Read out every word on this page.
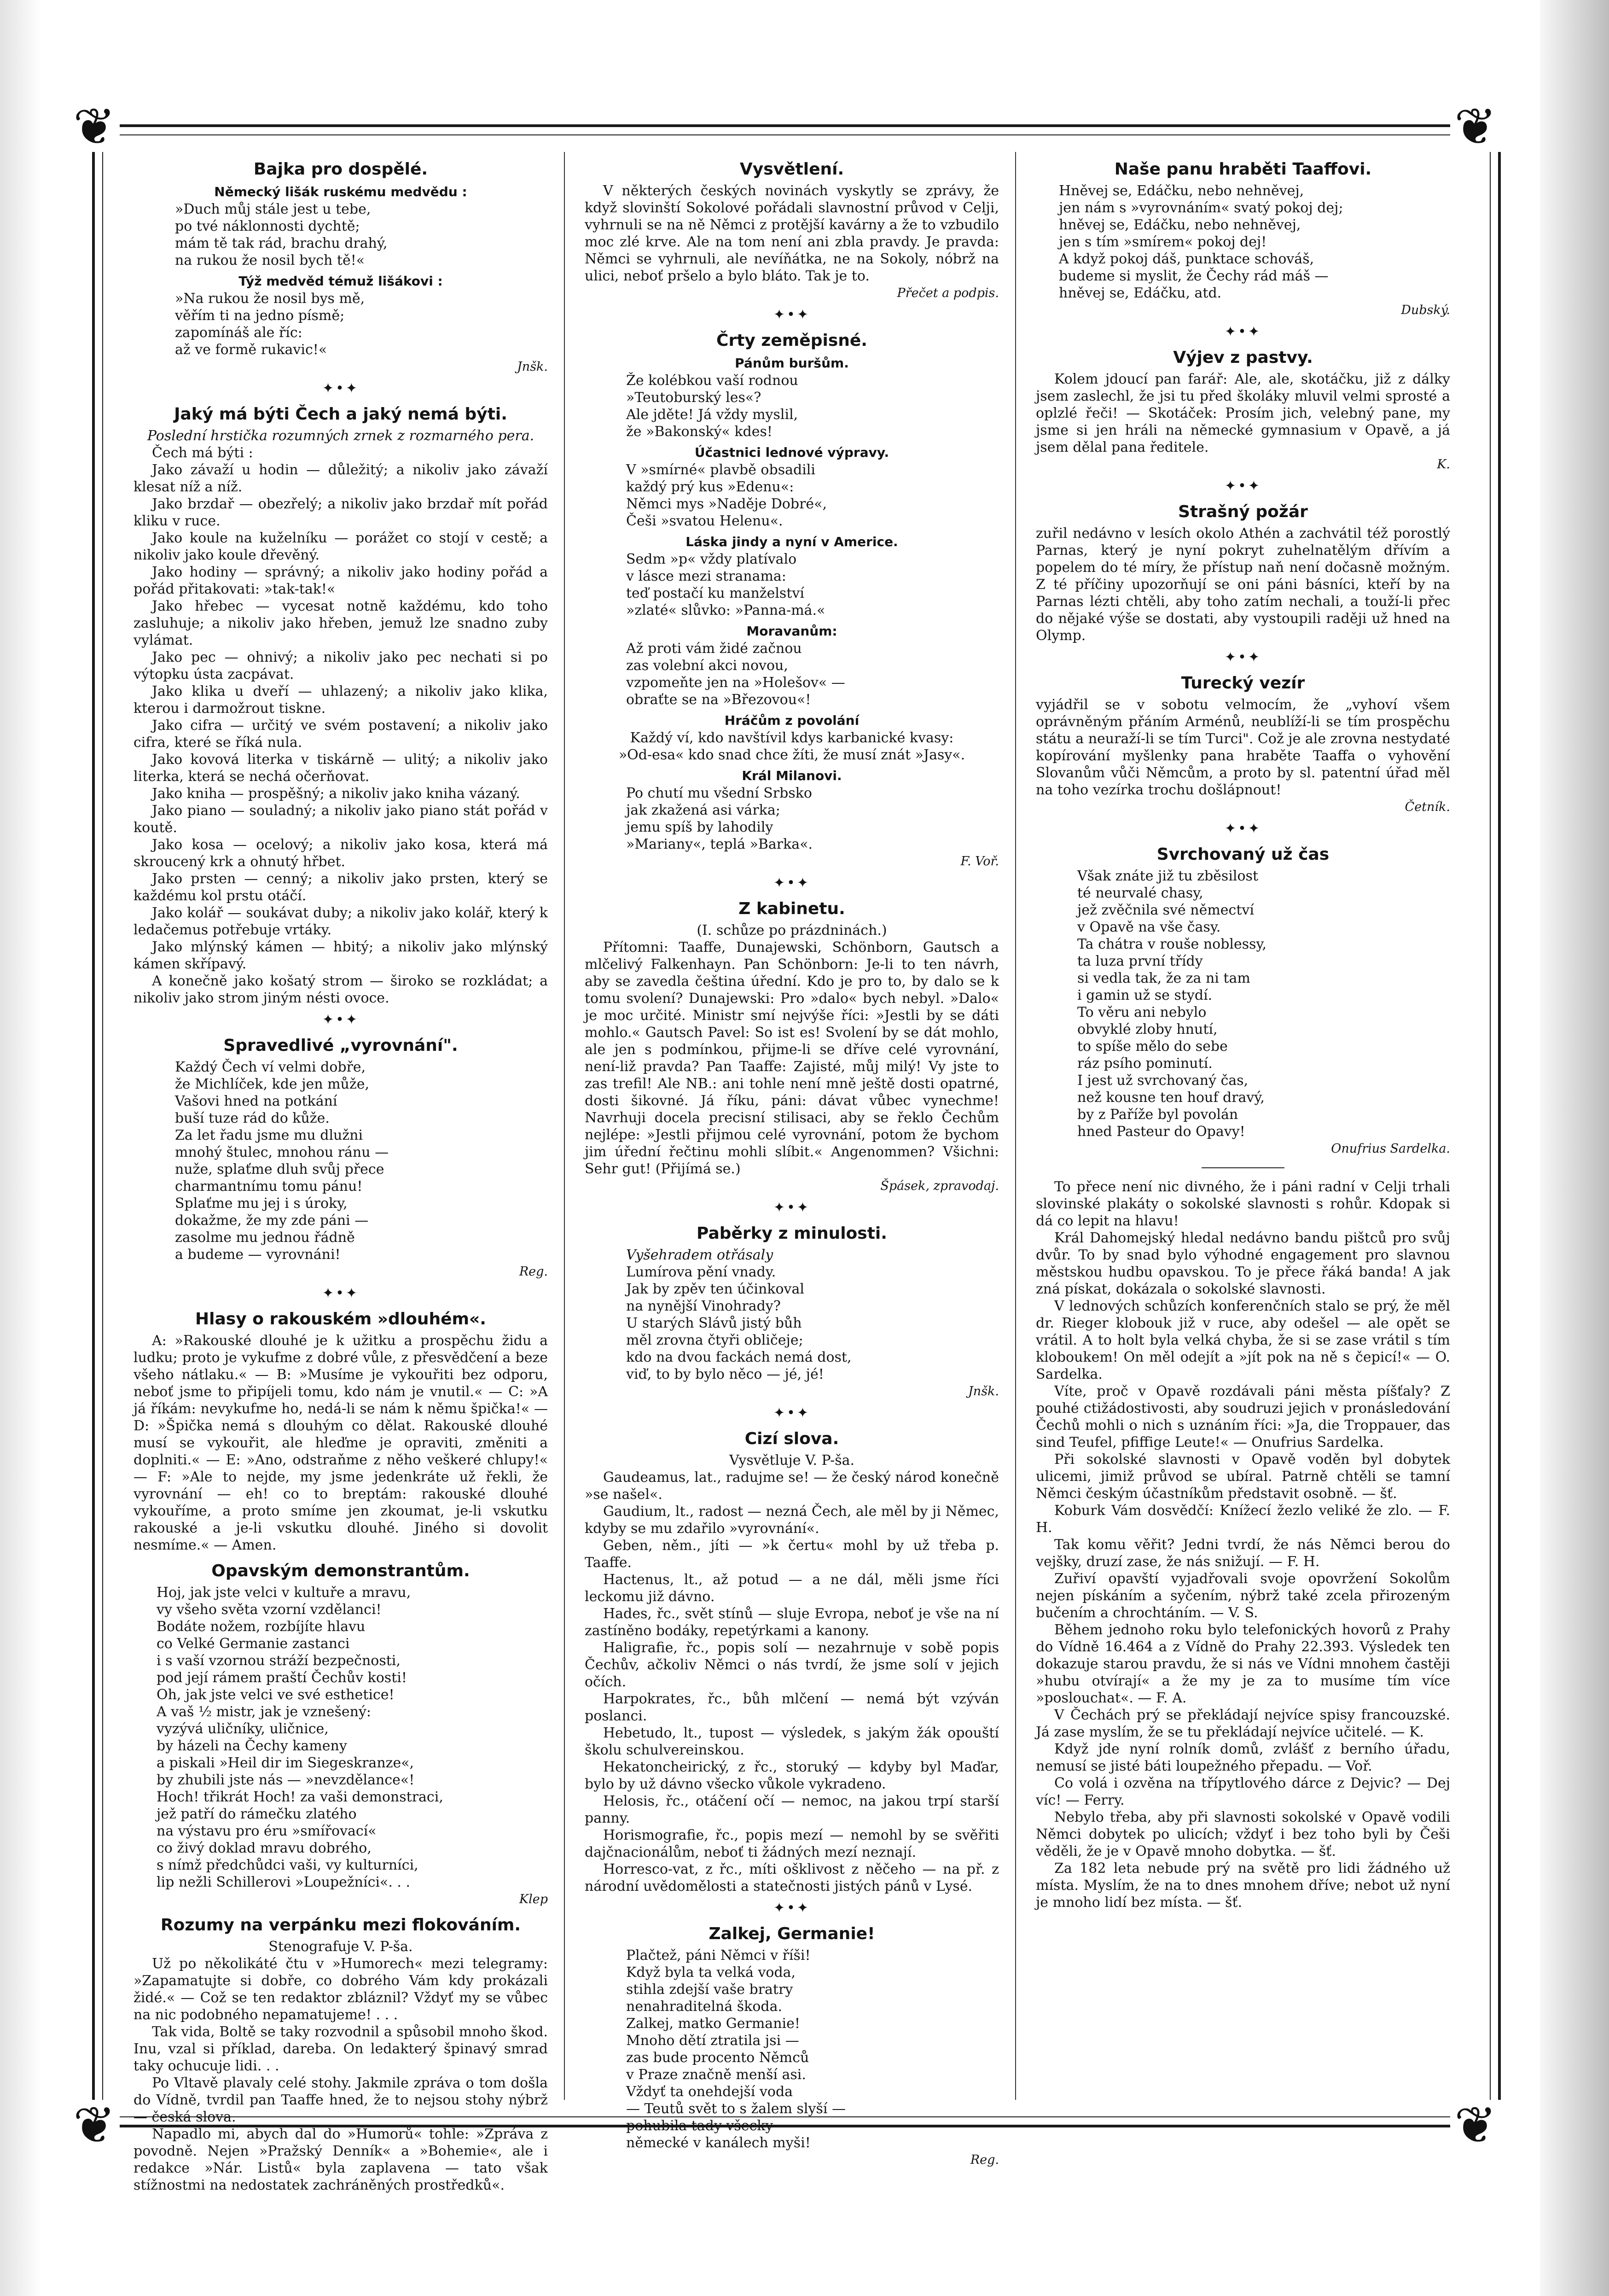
❦	❦
❦	❦
Bajka pro dospělé.
Německý lišák ruskému medvědu :

»Duch můj stále jest u tebe,

po tvé náklonnosti dychtě;

mám tě tak rád, brachu drahý,

na rukou že nosil bych tě!«

Týž medvěd témuž lišákovi :

»Na rukou že nosil bys mě,

věřím ti na jedno písmě;

zapomínáš ale říc:

až ve formě rukavic!«

Jnšk.

✦•✦
Jaký má býti Čech a jaký nemá býti.

Poslední hrstička rozumných zrnek z rozmarného pera.

Čech má býti :

Jako závaží u hodin — důležitý; a nikoliv jako závaží klesat níž a níž.

Jako brzdař — obezřelý; a nikoliv jako brzdař mít pořád kliku v ruce.

Jako koule na kuželníku — porážet co stojí v cestě; a nikoliv jako koule dřevěný.

Jako hodiny — správný; a nikoliv jako hodiny pořád a pořád přitakovati: »tak-tak!«

Jako hřebec — vycesat notně každému, kdo toho zasluhuje; a nikoliv jako hřeben, jemuž lze snadno zuby vylámat.

Jako pec — ohnivý; a nikoliv jako pec nechati si po výtopku ústa zacpávat.

Jako klika u dveří — uhlazený; a nikoliv jako klika, kterou i darmožrout tiskne.

Jako cifra — určitý ve svém postavení; a nikoliv jako cifra, které se říká nula.

Jako kovová literka v tiskárně — ulitý; a nikoliv jako literka, která se nechá očerňovat.

Jako kniha — prospěšný; a nikoliv jako kniha vázaný.

Jako piano — souladný; a nikoliv jako piano stát pořád v koutě.

Jako kosa — ocelový; a nikoliv jako kosa, která má skroucený krk a ohnutý hřbet.

Jako prsten — cenný; a nikoliv jako prsten, který se každému kol prstu otáčí.

Jako kolář — soukávat duby; a nikoliv jako kolář, který k ledačemus potřebuje vrtáky.

Jako mlýnský kámen — hbitý; a nikoliv jako mlýnský kámen skřípavý.

A konečně jako košatý strom — široko se rozkládat; a nikoliv jako strom jiným nésti ovoce.

✦•✦
Spravedlivé „vyrovnání".

Každý Čech ví velmi dobře,

že Michlíček, kde jen může,

Vašovi hned na potkání

buší tuze rád do kůže.

Za let řadu jsme mu dlužni

mnohý štulec, mnohou ránu —

nuže, splaťme dluh svůj přece

charmantnímu tomu pánu!

Splaťme mu jej i s úroky,

dokažme, že my zde páni —

zasolme mu jednou řádně

a budeme — vyrovnáni!

Reg.

✦•✦
Hlasy o rakouském »dlouhém«.

A: »Rakouské dlouhé je k užitku a prospěchu židu a ludku; proto je vykufme z dobré vůle, z přesvědčení a beze všeho nátlaku.« — B: »Musíme je vykouřiti bez odporu, neboť jsme to připíjeli tomu, kdo nám je vnutil.« — C: »A já říkám: nevykufme ho, nedá-li se nám k němu špička!« — D: »Špička nemá s dlouhým co dělat. Rakouské dlouhé musí se vykouřit, ale hleďme je opraviti, změniti a doplniti.« — E: »Ano, odstraňme z něho veškeré chlupy!« — F: »Ale to nejde, my jsme jedenkráte už řekli, že vyrovnání — eh! co to breptám: rakouské dlouhé vykouříme, a proto smíme jen zkoumat, je-li vskutku rakouské a je-li vskutku dlouhé. Jiného si dovolit nesmíme.« — Amen.

Opavským demonstrantům.

Hoj, jak jste velci v kultuře a mravu,

vy všeho světa vzorní vzdělanci!

Bodáte nožem, rozbíjíte hlavu

co Velké Germanie zastanci

i s vaší vzornou stráží bezpečnosti,

pod její rámem praští Čechův kosti!

Oh, jak jste velci ve své esthetice!

A vaš ½ mistr, jak je vznešený:

vyzývá uličníky, uličnice,

by házeli na Čechy kameny

a piskali »Heil dir im Siegeskranze«,

by zhubili jste nás — »nevzdělance«!

Hoch! třikrát Hoch! za vaši demonstraci,

jež patří do rámečku zlatého

na výstavu pro éru »smířovací«

co živý doklad mravu dobrého,

s nímž předchůdci vaši, vy kulturníci,

lip nežli Schillerovi »Loupežníci«. . .

Klep

Rozumy na verpánku mezi flokováním.

Stenografuje V. P-ša.

Už po několikáté čtu v »Humorech« mezi telegramy: »Zapamatujte si dobře, co dobrého Vám kdy prokázali židé.« — Což se ten redaktor zbláznil? Vždyť my se vůbec na nic podobného nepamatujeme! . . .

Tak vida, Boltě se taky rozvodnil a spůsobil mnoho škod. Inu, vzal si příklad, dareba. On ledakterý špinavý smrad taky ochucuje lidi. . .

Po Vltavě plavaly celé stohy. Jakmile zpráva o tom došla do Vídně, tvrdil pan Taaffe hned, že to nejsou stohy nýbrž — česká slova.

Napadlo mi, abych dal do »Humorů« tohle: »Zpráva z povodně. Nejen »Pražský Denník« a »Bohemie«, ale i redakce »Nár. Listů« byla zaplavena — tato však stížnostmi na nedostatek zachráněných prostředků«.

Vysvětlení.

V některých českých novinách vyskytly se zprávy, že když slovinští Sokolové pořádali slavnostní průvod v Celji, vyhrnuli se na ně Němci z protější kavárny a že to vzbudilo moc zlé krve. Ale na tom není ani zbla pravdy. Je pravda: Němci se vyhrnuli, ale nevíňátka, ne na Sokoly, nóbrž na ulici, neboť pršelo a bylo bláto. Tak je to.

Přečet a podpis.

✦•✦
Črty zeměpisné.
Pánům buršům.

Že kolébkou vaší rodnou

»Teutoburský les«?

Ale jděte! Já vždy myslil,

že »Bakonský« kdes!

Účastnici lednové výpravy.

V »smírné« plavbě obsadili

každý prý kus »Edenu«:

Němci mys »Naděje Dobré«,

Češi »svatou Helenu«.

Láska jindy a nyní v Americe.

Sedm »p« vždy platívalo

v lásce mezi stranama:

teď postačí ku manželství

»zlaté« slůvko: »Panna-má.«

Moravanům:

Až proti vám židé začnou

zas volební akci novou,

vzpomeňte jen na »Holešov« —

obraťte se na »Březovou«!

Hráčům z povolání

Každý ví, kdo navštívil kdys karbanické kvasy:

»Od-esa« kdo snad chce žíti, že musí znát »Jasy«.

Král Milanovi.

Po chutí mu všední Srbsko

jak zkažená asi várka;

jemu spíš by lahodily

»Mariany«, teplá »Barka«.

F. Voř.

✦•✦
Z kabinetu.

(I. schůze po prázdninách.)

Přítomni: Taaffe, Dunajewski, Schönborn, Gautsch a mlčelivý Falkenhayn. Pan Schönborn: Je-li to ten návrh, aby se zavedla čeština úřední. Kdo je pro to, by dalo se k tomu svolení? Dunajewski: Pro »dalo« bych nebyl. »Dalo« je moc určité. Ministr smí nejvýše říci: »Jestli by se dáti mohlo.« Gautsch Pavel: So ist es! Svolení by se dát mohlo, ale jen s podmínkou, přijme-li se dříve celé vyrovnání, není-liž pravda? Pan Taaffe: Zajisté, můj milý! Vy jste to zas trefil! Ale NB.: ani tohle není mně ještě dosti opatrné, dosti šikovné. Já říku, páni: dávat vůbec vynechme! Navrhuji docela precisní stilisaci, aby se řeklo Čechům nejlépe: »Jestli přijmou celé vyrovnání, potom že bychom jim úřední řečtinu mohli slíbit.« Angenommen? Všichni: Sehr gut! (Přijímá se.)

Špásek, zpravodaj.

✦•✦
Paběrky z minulosti.

Vyšehradem otřásaly

Lumírova pění vnady.

Jak by zpěv ten účinkoval

na nynější Vinohrady?

U starých Slávů jistý bůh

měl zrovna čtyři obličeje;

kdo na dvou fackách nemá dost,

viď, to by bylo něco — jé, jé!

Jnšk.

✦•✦
Cizí slova.

Vysvětluje V. P-ša.

Gaudeamus, lat., radujme se! — že český národ konečně »se našel«.

Gaudium, lt., radost — nezná Čech, ale měl by ji Němec, kdyby se mu zdařilo »vyrovnání«.

Geben, něm., jíti — »k čertu« mohl by už třeba p. Taaffe.

Hactenus, lt., až potud — a ne dál, měli jsme říci leckomu již dávno.

Hades, řc., svět stínů — sluje Evropa, neboť je vše na ní zastíněno bodáky, repetýrkami a kanony.

Haligrafie, řc., popis solí — nezahrnuje v sobě popis Čechův, ačkoliv Němci o nás tvrdí, že jsme solí v jejich očích.

Harpokrates, řc., bůh mlčení — nemá být vzýván poslanci.

Hebetudo, lt., tupost — výsledek, s jakým žák opouští školu schulvereinskou.

Hekatoncheirický, z řc., storuký — kdyby byl Maďar, bylo by už dávno všecko vůkole vykradeno.

Helosis, řc., otáčení očí — nemoc, na jakou trpí starší panny.

Horismografie, řc., popis mezí — nemohl by se svěřiti dajčnacionálům, neboť ti žádných mezí neznají.

Horresco-vat, z řc., míti ošklivost z něčeho — na př. z národní uvědomělosti a statečnosti jistých pánů v Lysé.

✦•✦
Zalkej, Germanie!

Plačtež, páni Němci v říši!

Když byla ta velká voda,

stihla zdejší vaše bratry

nenahraditelná škoda.

Zalkej, matko Germanie!

Mnoho dětí ztratila jsi —

zas bude procento Němců

v Praze značně menší asi.

Vždyť ta onehdejší voda

— Teutů svět to s žalem slyší —

pohubila tady všecky

německé v kanálech myši!

Reg.

Naše panu hraběti Taaffovi.

Hněvej se, Edáčku, nebo nehněvej,

jen nám s »vyrovnáním« svatý pokoj dej;

hněvej se, Edáčku, nebo nehněvej,

jen s tím »smírem« pokoj dej!

A když pokoj dáš, punktace schováš,

budeme si myslit, že Čechy rád máš —

hněvej se, Edáčku, atd.

Dubský.

✦•✦
Výjev z pastvy.

Kolem jdoucí pan farář: Ale, ale, skotáčku, již z dálky jsem zaslechl, že jsi tu před školáky mluvil velmi sprosté a oplzlé řeči! — Skotáček: Prosím jich, velebný pane, my jsme si jen hráli na německé gymnasium v Opavě, a já jsem dělal pana ředitele.

K.

✦•✦
Strašný požár

zuřil nedávno v lesích okolo Athén a zachvátil též porostlý Parnas, který je nyní pokryt zuhelnatělým dřívím a popelem do té míry, že přístup naň není dočasně možným. Z té příčiny upozorňují se oni páni básníci, kteří by na Parnas lézti chtěli, aby toho zatím nechali, a touží-li přec do nějaké výše se dostati, aby vystoupili raději už hned na Olymp.

✦•✦
Turecký vezír

vyjádřil se v sobotu velmocím, že „vyhoví všem oprávněným přáním Arménů, neublíží-li se tím prospěchu státu a neuraží-li se tím Turci". Což je ale zrovna nestydaté kopírování myšlenky pana hraběte Taaffa o vyhovění Slovanům vůči Němcům, a proto by sl. patentní úřad měl na toho vezírka trochu došlápnout!

Četník.

✦•✦
Svrchovaný už čas

Však znáte již tu zběsilost

té neurvalé chasy,

jež zvěčnila své němectví

v Opavě na vše časy.

Ta chátra v rouše noblessy,

ta luza první třídy

si vedla tak, že za ni tam

i gamin už se stydí.

To věru ani nebylo

obvyklé zloby hnutí,

to spíše mělo do sebe

ráz psího pominutí.

I jest už svrchovaný čas,

než kousne ten houf dravý,

by z Paříže byl povolán

hned Pasteur do Opavy!

Onufrius Sardelka.

To přece není nic divného, že i páni radní v Celji trhali slovinské plakáty o sokolské slavnosti s rohůr. Kdopak si dá co lepit na hlavu!

Král Dahomejský hledal nedávno bandu pištců pro svůj dvůr. To by snad bylo výhodné engagement pro slavnou městskou hudbu opavskou. To je přece řáká banda! A jak zná pískat, dokázala o sokolské slavnosti.

V lednových schůzích konferenčních stalo se prý, že měl dr. Rieger klobouk již v ruce, aby odešel — ale opět se vrátil. A to holt byla velká chyba, že si se zase vrátil s tím kloboukem! On měl odejít a »jít pok na ně s čepicí!« — O. Sardelka.

Víte, proč v Opavě rozdávali páni města píšťaly? Z pouhé ctižádostivosti, aby soudruzi jejich v pronásledování Čechů mohli o nich s uznáním říci: »Ja, die Troppauer, das sind Teufel, pfiffige Leute!« — Onufrius Sardelka.

Při sokolské slavnosti v Opavě voděn byl dobytek ulicemi, jimiž průvod se ubíral. Patrně chtěli se tamní Němci českým účastníkům představit osobně. — šť.

Koburk Vám dosvědčí: Knížecí žezlo veliké že zlo. — F. H.

Tak komu věřit? Jedni tvrdí, že nás Němci berou do vejšky, druzí zase, že nás snižují. — F. H.

Zuřiví opavští vyjadřovali svoje opovržení Sokolům nejen pískáním a syčením, nýbrž také zcela přirozeným bučením a chrochtáním. — V. S.

Během jednoho roku bylo telefonických hovorů z Prahy do Vídně 16.464 a z Vídně do Prahy 22.393. Výsledek ten dokazuje starou pravdu, že si nás ve Vídni mnohem častěji »hubu otvírají« a že my je za to musíme tím více »poslouchat«. — F. A.

V Čechách prý se překládají nejvíce spisy francouzské. Já zase myslím, že se tu překládají nejvíce učitelé. — K.

Když jde nyní rolník domů, zvlášť z berního úřadu, nemusí se jisté báti loupežného přepadu. — Voř.

Co volá i ozvěna na třípytlového dárce z Dejvic? — Dej víc! — Ferry.

Nebylo třeba, aby při slavnosti sokolské v Opavě vodili Němci dobytek po ulicích; vždyť i bez toho byli by Češi věděli, že je v Opavě mnoho dobytka. — šť.

Za 182 leta nebude prý na světě pro lidi žádného už místa. Myslím, že na to dnes mnohem dříve; nebot už nyní je mnoho lidí bez místa. — šť.
